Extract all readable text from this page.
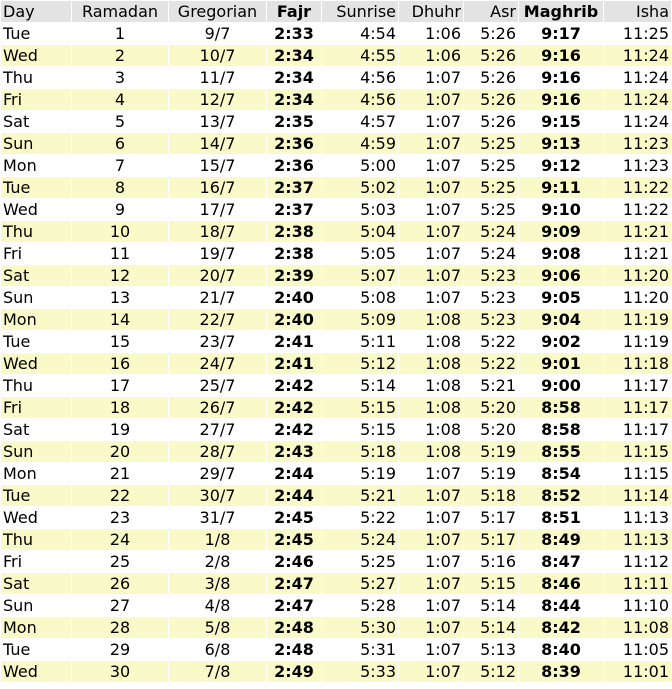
Day	Ramadan	Gregorian	Fajr	Sunrise	Dhuhr	Asr	Maghrib	Isha
Tue	1	9/7	2:33	4:54	1:06	5:26	9:17	11:25
Wed	2	10/7	2:34	4:55	1:06	5:26	9:16	11:24
Thu	3	11/7	2:34	4:56	1:07	5:26	9:16	11:24
Fri	4	12/7	2:34	4:56	1:07	5:26	9:16	11:24
Sat	5	13/7	2:35	4:57	1:07	5:26	9:15	11:24
Sun	6	14/7	2:36	4:59	1:07	5:25	9:13	11:23
Mon	7	15/7	2:36	5:00	1:07	5:25	9:12	11:23
Tue	8	16/7	2:37	5:02	1:07	5:25	9:11	11:22
Wed	9	17/7	2:37	5:03	1:07	5:25	9:10	11:22
Thu	10	18/7	2:38	5:04	1:07	5:24	9:09	11:21
Fri	11	19/7	2:38	5:05	1:07	5:24	9:08	11:21
Sat	12	20/7	2:39	5:07	1:07	5:23	9:06	11:20
Sun	13	21/7	2:40	5:08	1:07	5:23	9:05	11:20
Mon	14	22/7	2:40	5:09	1:08	5:23	9:04	11:19
Tue	15	23/7	2:41	5:11	1:08	5:22	9:02	11:19
Wed	16	24/7	2:41	5:12	1:08	5:22	9:01	11:18
Thu	17	25/7	2:42	5:14	1:08	5:21	9:00	11:17
Fri	18	26/7	2:42	5:15	1:08	5:20	8:58	11:17
Sat	19	27/7	2:42	5:15	1:08	5:20	8:58	11:17
Sun	20	28/7	2:43	5:18	1:08	5:19	8:55	11:15
Mon	21	29/7	2:44	5:19	1:07	5:19	8:54	11:15
Tue	22	30/7	2:44	5:21	1:07	5:18	8:52	11:14
Wed	23	31/7	2:45	5:22	1:07	5:17	8:51	11:13
Thu	24	1/8	2:45	5:24	1:07	5:17	8:49	11:13
Fri	25	2/8	2:46	5:25	1:07	5:16	8:47	11:12
Sat	26	3/8	2:47	5:27	1:07	5:15	8:46	11:11
Sun	27	4/8	2:47	5:28	1:07	5:14	8:44	11:10
Mon	28	5/8	2:48	5:30	1:07	5:14	8:42	11:08
Tue	29	6/8	2:48	5:31	1:07	5:13	8:40	11:05
Wed	30	7/8	2:49	5:33	1:07	5:12	8:39	11:01
